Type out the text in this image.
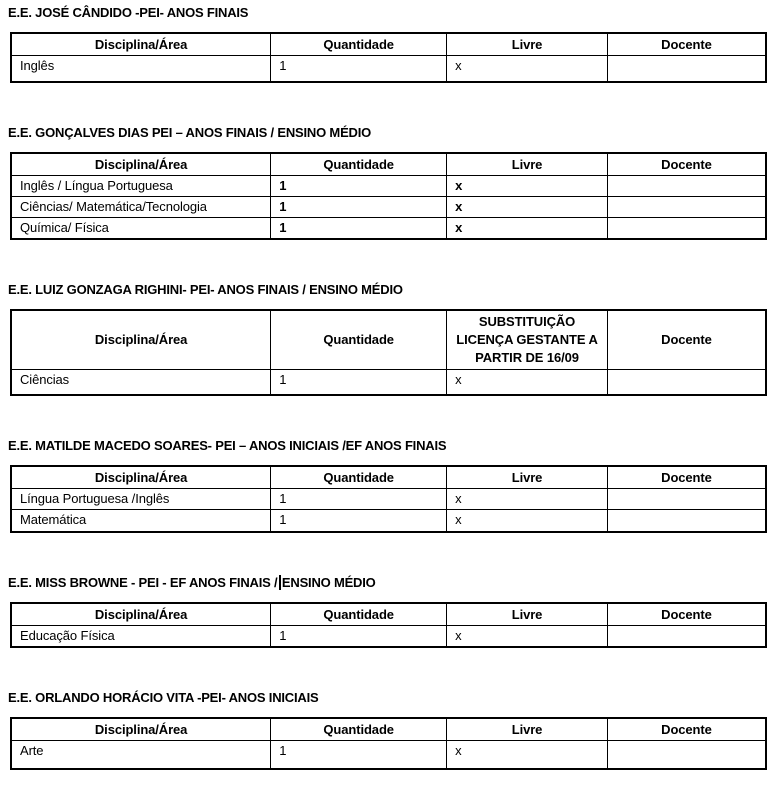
E.E. JOSÉ CÂNDIDO -PEI- ANOS FINAIS
Disciplina/Área	Quantidade	Livre	Docente
Inglês	1	x	
E.E. GONÇALVES DIAS PEI – ANOS FINAIS / ENSINO MÉDIO
Disciplina/Área	Quantidade	Livre	Docente
Inglês / Língua Portuguesa	1	x	
Ciências/ Matemática/Tecnologia	1	x	
Química/ Física	1	x	
E.E. LUIZ GONZAGA RIGHINI- PEI- ANOS FINAIS / ENSINO MÉDIO
Disciplina/Área	Quantidade	SUBSTITUIÇÃO LICENÇA GESTANTE A PARTIR DE 16/09	Docente
Ciências	1	x	
E.E. MATILDE MACEDO SOARES- PEI – ANOS INICIAIS /EF ANOS FINAIS
Disciplina/Área	Quantidade	Livre	Docente
Língua Portuguesa /Inglês	1	x	
Matemática	1	x	
E.E. MISS BROWNE - PEI - EF ANOS FINAIS / ENSINO MÉDIO
Disciplina/Área	Quantidade	Livre	Docente
Educação Física	1	x	
E.E. ORLANDO HORÁCIO VITA -PEI- ANOS INICIAIS
Disciplina/Área	Quantidade	Livre	Docente
Arte	1	x	
